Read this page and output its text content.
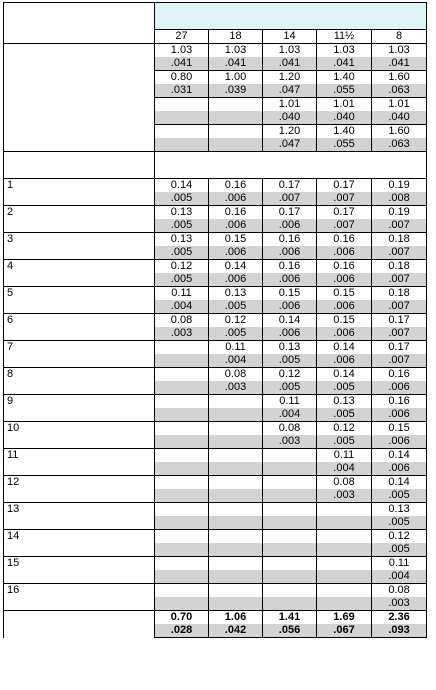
	27	18	14	11½	8
	1.03	1.03	1.03	1.03	1.03
	.041	.041	.041	.041	.041
	0.80	1.00	1.20	1.40	1.60
	.031	.039	.047	.055	.063
			1.01	1.01	1.01
			.040	.040	.040
			1.20	1.40	1.60
			.047	.055	.063

1	0.14	0.16	0.17	0.17	0.19
	.005	.006	.007	.007	.008
2	0.13	0.16	0.17	0.17	0.19
	.005	.006	.006	.007	.007
3	0.13	0.15	0.16	0.16	0.18
	.005	.006	.006	.006	.007
4	0.12	0.14	0.16	0.16	0.18
	.005	.006	.006	.006	.007
5	0.11	0.13	0.15	0.15	0.18
	.004	.005	.006	.006	.007
6	0.08	0.12	0.14	0.15	0.17
	.003	.005	.006	.006	.007
7		0.11	0.13	0.14	0.17
		.004	.005	.006	.007
8		0.08	0.12	0.14	0.16
		.003	.005	.005	.006
9			0.11	0.13	0.16
			.004	.005	.006
10			0.08	0.12	0.15
			.003	.005	.006
11				0.11	0.14
				.004	.006
12				0.08	0.14
				.003	.005
13					0.13
					.005
14					0.12
					.005
15					0.11
					.004
16					0.08
					.003
	0.70	1.06	1.41	1.69	2.36
	.028	.042	.056	.067	.093
